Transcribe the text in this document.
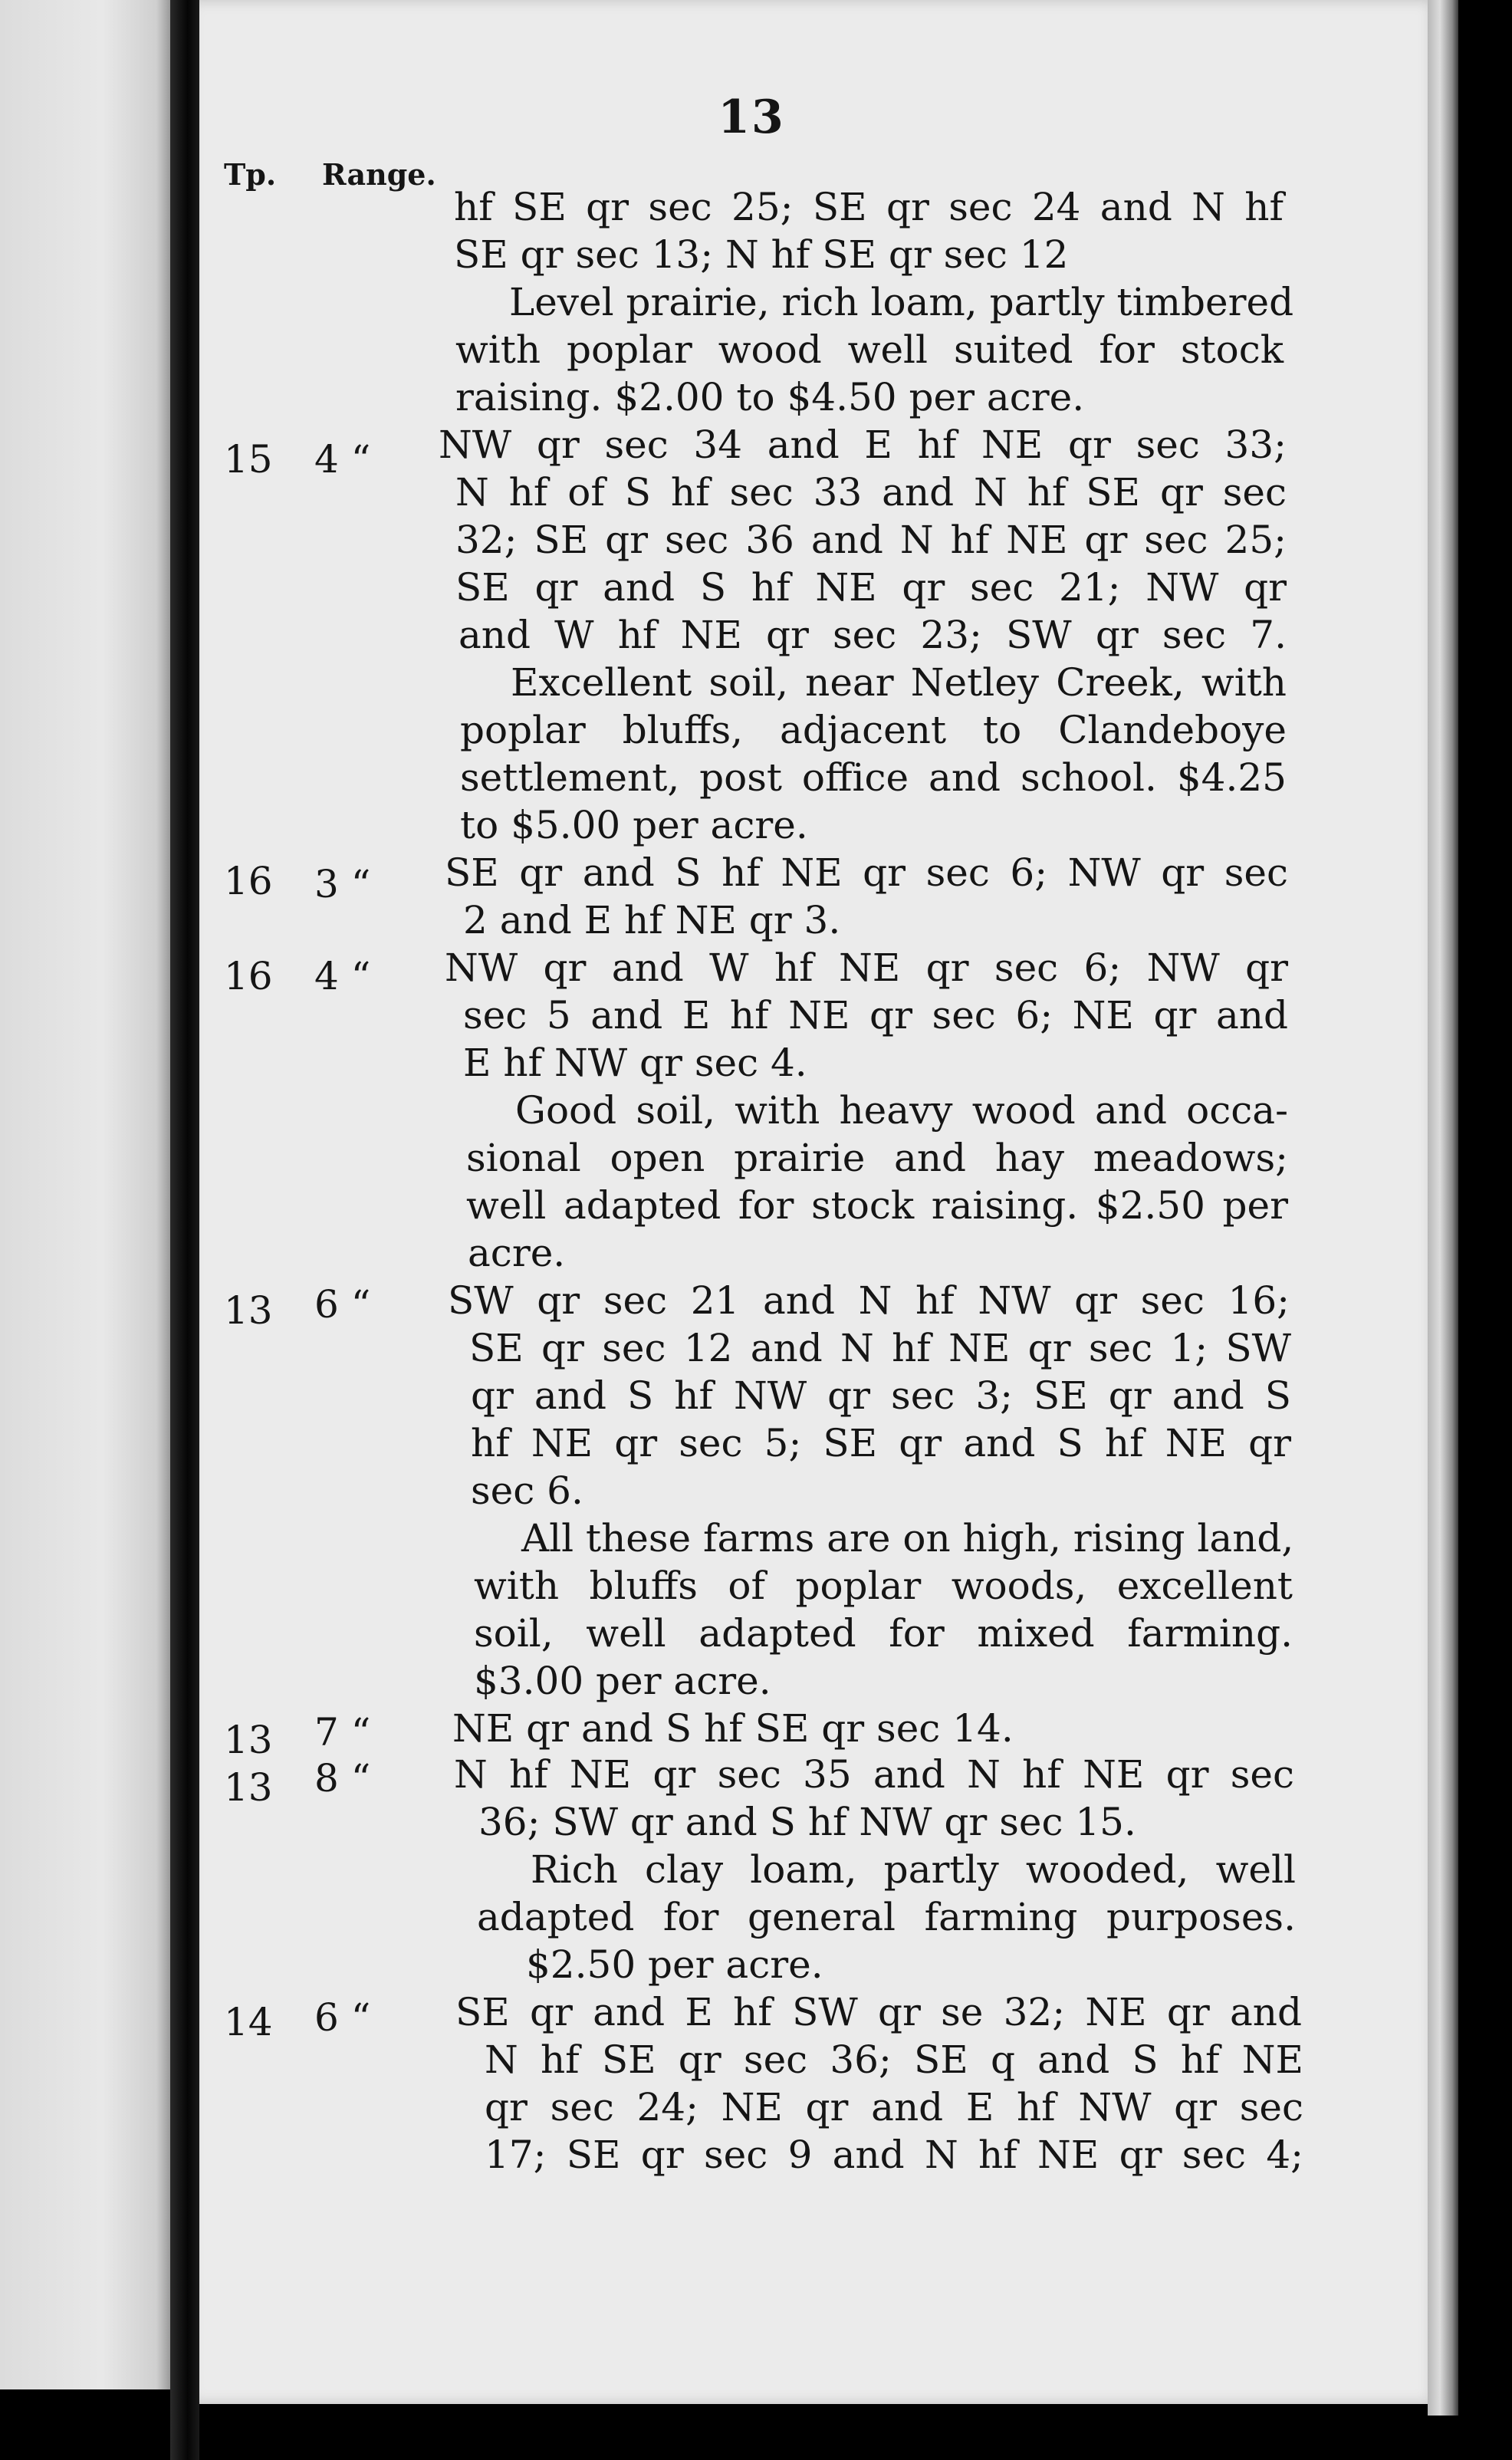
13
Tp. Range.
hf SE qr sec 25; SE qr sec 24 and N hf
SE qr sec 13; N hf SE qr sec 12
Level prairie, rich loam, partly timbered
with poplar wood well suited for stock
raising. $2.00 to $4.50 per acre.
15 4 “ NW qr sec 34 and E hf NE qr sec 33;
N hf of S hf sec 33 and N hf SE qr sec
32; SE qr sec 36 and N hf NE qr sec 25;
SE qr and S hf NE qr sec 21; NW qr
and W hf NE qr sec 23; SW qr sec 7.
Excellent soil, near Netley Creek, with
poplar bluffs, adjacent to Clandeboye
settlement, post office and school. $4.25
to $5.00 per acre.
16 3 “ SE qr and S hf NE qr sec 6; NW qr sec
2 and E hf NE qr 3.
16 4 “ NW qr and W hf NE qr sec 6; NW qr
sec 5 and E hf NE qr sec 6; NE qr and
E hf NW qr sec 4.
Good soil, with heavy wood and occa-
sional open prairie and hay meadows;
well adapted for stock raising. $2.50 per
acre.
13 6 “ SW qr sec 21 and N hf NW qr sec 16;
SE qr sec 12 and N hf NE qr sec 1; SW
qr and S hf NW qr sec 3; SE qr and S
hf NE qr sec 5; SE qr and S hf NE qr
sec 6.
All these farms are on high, rising land,
with bluffs of poplar woods, excellent
soil, well adapted for mixed farming.
$3.00 per acre.
13 7 “ NE qr and S hf SE qr sec 14.
13 8 “ N hf NE qr sec 35 and N hf NE qr sec
36; SW qr and S hf NW qr sec 15.
Rich clay loam, partly wooded, well
adapted for general farming purposes.
$2.50 per acre.
14 6 “ SE qr and E hf SW qr se 32; NE qr and
N hf SE qr sec 36; SE q and S hf NE
qr sec 24; NE qr and E hf NW qr sec
17; SE qr sec 9 and N hf NE qr sec 4;
